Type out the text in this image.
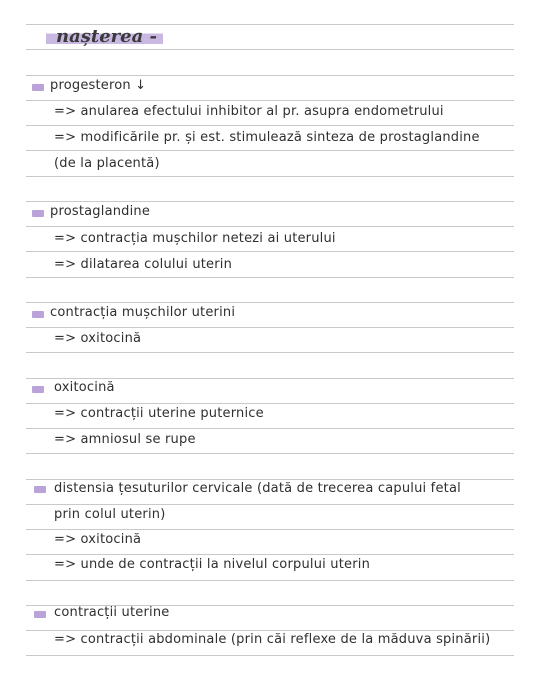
nașterea -
progesteron ↓
=> anularea efectului inhibitor al pr. asupra endometrului
=> modificările pr. și est. stimulează sinteza de prostaglandine
(de la placentă)
prostaglandine
=> contracția mușchilor netezi ai uterului
=> dilatarea colului uterin
contracția mușchilor uterini
=> oxitocină
oxitocină
=> contracții uterine puternice
=> amniosul se rupe
distensia țesuturilor cervicale (dată de trecerea capului fetal
prin colul uterin)
=> oxitocină
=> unde de contracții la nivelul corpului uterin
contracții uterine
=> contracții abdominale (prin căi reflexe de la măduva spinării)
